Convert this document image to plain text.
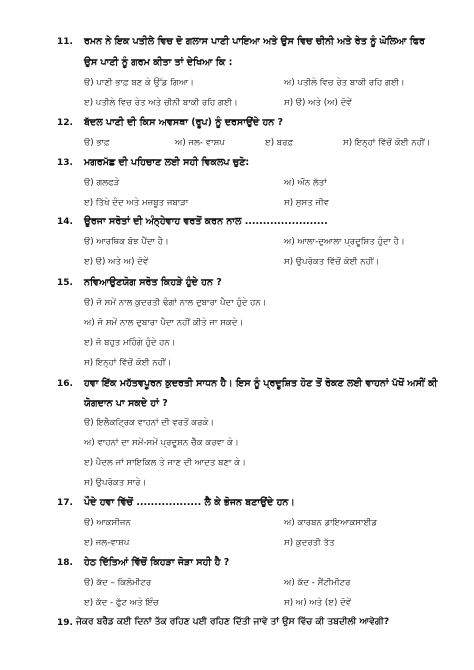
11. ਰਮਨ ਨੇ ਇਕ ਪਤੀਲੇ ਵਿਚ ਦੋ ਗਲਾਸ ਪਾਣੀ ਪਾਇਆ ਅਤੇ ਉਸ ਵਿਚ ਚੀਨੀ ਅਤੇ ਰੇਤ ਨੂੰ ਘੋਲਿਆ ਫਿਰ
ਉਸ ਪਾਣੀ ਨੂੰ ਗਰਮ ਕੀਤਾ ਤਾਂ ਦੇਖਿਆ ਕਿ :
ੳ) ਪਾਣੀ ਭਾਫ਼ ਬਣ ਕੇ ਉੱਡ ਗਿਆ।	ਅ) ਪਤੀਲੇ ਵਿਚ ਰੇਤ ਬਾਕੀ ਰਹਿ ਗਈ।
ੲ) ਪਤੀਲੇ ਵਿਚ ਰੇਤ ਅਤੇ ਚੀਨੀ ਬਾਕੀ ਰਹਿ ਗਈ।	ਸ) ੳ) ਅਤੇ (ਅ) ਦੋਵੇਂ
12. ਬੱਦਲ ਪਾਣੀ ਦੀ ਕਿਸ ਅਵਸਥਾ (ਰੂਪ) ਨੂੰ ਦਰਸਾਉਂਦੇ ਹਨ ?
ੳ) ਭਾਫ਼	ਅ) ਜਲ- ਵਾਸ਼ਪ	ੲ) ਬਰਫ਼	ਸ) ਇਨ੍ਹਾਂ ਵਿੱਚੋਂ ਕੋਈ ਨਹੀਂ।
13. ਮਗਰਮੱਛ ਦੀ ਪਹਿਚਾਣ ਲਈ ਸਹੀ ਵਿਕਲਪ ਚੁਣੋ:
ੳ) ਗਲਫੜੇ	ਅ) ਔਨ ਲੱਤਾਂ
ੲ) ਤਿੱਖੇ ਦੰਦ ਅਤੇ ਮਜ਼ਬੂਤ ਜਬਾੜਾ	ਸ) ਸੁਸਤ ਜੀਵ
14. ਊਰਜਾ ਸਰੋਤਾਂ ਦੀ ਅੰਨ੍ਹੇਵਾਹ ਵਰਤੋਂ ਕਰਨ ਨਾਲ .......................
ੳ) ਆਰਥਿਕ ਬੋਝ ਪੈਂਦਾ ਹੈ।	ਅ) ਆਲਾ-ਦੁਆਲਾ ਪ੍ਰਦੂਸ਼ਿਤ ਹੁੰਦਾ ਹੈ।
ੲ) ੳ) ਅਤੇ ਅ) ਦੋਵੇਂ	ਸ) ਉਪਰੋਕਤ ਵਿੱਚੋਂ ਕੋਈ ਨਹੀਂ।
15. ਨਵਿਆਉਣਯੋਗ ਸਰੋਤ ਕਿਹੜੇ ਹੁੰਦੇ ਹਨ ?
ੳ) ਜੋ ਸਮੇਂ ਨਾਲ ਕੁਦਰਤੀ ਢੰਗਾਂ ਨਾਲ ਦੁਬਾਰਾ ਪੈਦਾ ਹੁੰਦੇ ਹਨ।
ਅ) ਜੋ ਸਮੇਂ ਨਾਲ ਦੁਬਾਰਾ ਪੈਦਾ ਨਹੀਂ ਕੀਤੇ ਜਾ ਸਕਦੇ।
ੲ) ਜੋ ਬਹੁਤ ਮਹਿੰਗੇ ਹੁੰਦੇ ਹਨ।
ਸ) ਇਨ੍ਹਾਂ ਵਿੱਚੋਂ ਕੋਈ ਨਹੀਂ।
16. ਹਵਾ ਇੱਕ ਮਹੱਤਵਪੂਰਨ ਕੁਦਰਤੀ ਸਾਧਨ ਹੈ। ਇਸ ਨੂੰ ਪ੍ਰਦੂਸ਼ਿਤ ਹੋਣ ਤੋਂ ਰੋਕਣ ਲਈ ਵਾਹਨਾਂ ਪੱਖੋਂ ਅਸੀਂ ਕੀ
ਯੋਗਦਾਨ ਪਾ ਸਕਦੇ ਹਾਂ ?
ੳ) ਇਲੈਕਟ੍ਰਿਕ ਵਾਹਨਾਂ ਦੀ ਵਰਤੋਂ ਕਰਕੇ।
ਅ) ਵਾਹਨਾਂ ਦਾ ਸਮੇਂ-ਸਮੇਂ ਪ੍ਰਦੂਸ਼ਨ ਚੈੱਕ ਕਰਵਾ ਕੇ।
ੲ) ਪੈਦਲ ਜਾਂ ਸਾਇਕਿਲ ਤੇ ਜਾਣ ਦੀ ਆਦਤ ਬਣਾ ਕੇ।
ਸ) ਉਪਰੋਕਤ ਸਾਰੇ।
17. ਪੌਦੇ ਹਵਾ ਵਿੱਚੋਂ .................. ਲੈ ਕੇ ਭੋਜਨ ਬਣਾਉਂਦੇ ਹਨ।
ੳ) ਆਕਸੀਜਨ	ਅ) ਕਾਰਬਨ ਡਾਇਆਕਸਾਈਡ
ੲ) ਜਲ-ਵਾਸ਼ਪ	ਸ) ਕੁਦਰਤੀ ਤੱਤ
18. ਹੇਠ ਦਿੱਤਿਆਂ ਵਿੱਚੋਂ ਕਿਹੜਾ ਜੋੜਾ ਸਹੀ ਹੈ ?
ੳ) ਕੱਦ – ਕਿਲੋਮੀਟਰ	ਅ) ਕੱਦ - ਸੈਂਟੀਮੀਟਰ
ੲ) ਕੱਦ - ਫੁੱਟ ਅਤੇ ਇੰਚ	ਸ) ਅ) ਅਤੇ (ੲ) ਦੋਵੇਂ
19. ਜੇਕਰ ਬਰੈਡ ਕਈ ਦਿਨਾਂ ਤੱਕ ਰਹਿਣ ਪਈ ਰਹਿਣ ਦਿੱਤੀ ਜਾਵੇ ਤਾਂ ਉਸ ਵਿੱਚ ਕੀ ਤਬਦੀਲੀ ਆਵੇਗੀ?
